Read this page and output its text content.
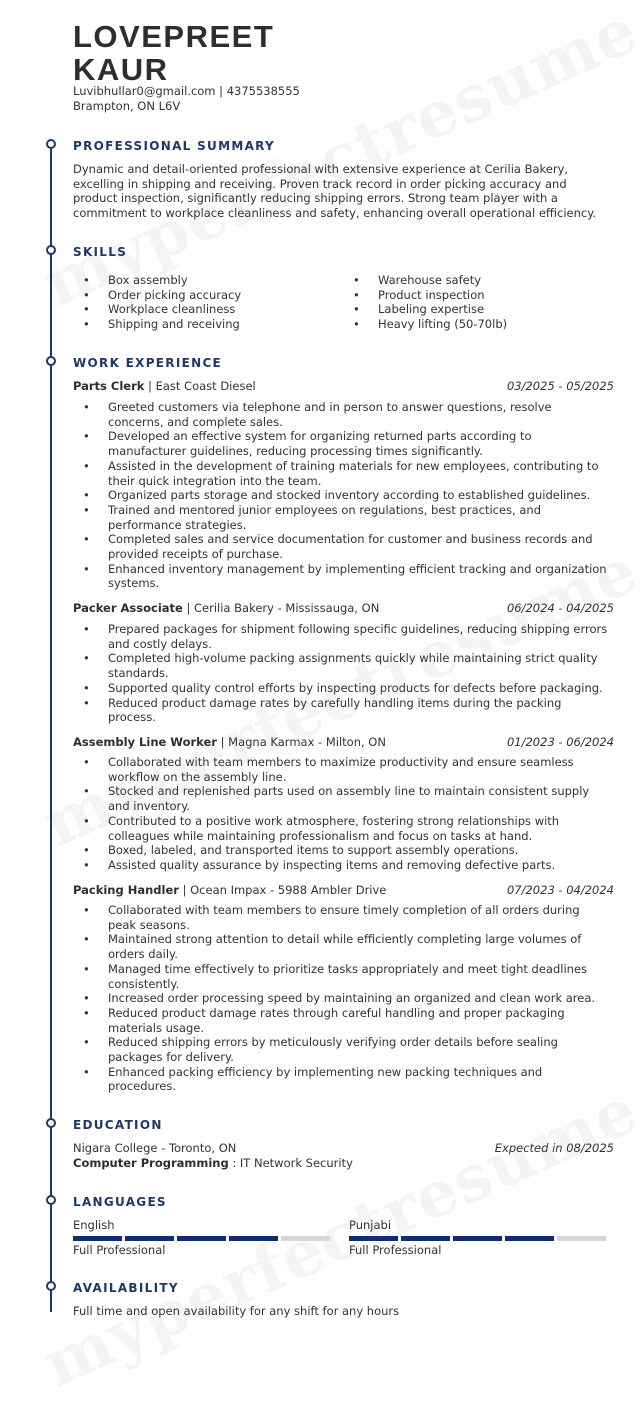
LOVEPREET
KAUR
Luvibhullar0@gmail.com | 4375538555
Brampton, ON L6V
PROFESSIONAL SUMMARY
Dynamic and detail-oriented professional with extensive experience at Cerilia Bakery,
excelling in shipping and receiving. Proven track record in order picking accuracy and
product inspection, significantly reducing shipping errors. Strong team player with a
commitment to workplace cleanliness and safety, enhancing overall operational efficiency.
SKILLS
• Box assembly
• Order picking accuracy
• Workplace cleanliness
• Shipping and receiving
• Warehouse safety
• Product inspection
• Labeling expertise
• Heavy lifting (50-70lb)
WORK EXPERIENCE
Parts Clerk | East Coast Diesel	03/2025 - 05/2025
• Greeted customers via telephone and in person to answer questions, resolve
concerns, and complete sales.
• Developed an effective system for organizing returned parts according to
manufacturer guidelines, reducing processing times significantly.
• Assisted in the development of training materials for new employees, contributing to
their quick integration into the team.
• Organized parts storage and stocked inventory according to established guidelines.
• Trained and mentored junior employees on regulations, best practices, and
performance strategies.
• Completed sales and service documentation for customer and business records and
provided receipts of purchase.
• Enhanced inventory management by implementing efficient tracking and organization
systems.
Packer Associate | Cerilia Bakery - Mississauga, ON	06/2024 - 04/2025
• Prepared packages for shipment following specific guidelines, reducing shipping errors
and costly delays.
• Completed high-volume packing assignments quickly while maintaining strict quality
standards.
• Supported quality control efforts by inspecting products for defects before packaging.
• Reduced product damage rates by carefully handling items during the packing
process.
Assembly Line Worker | Magna Karmax - Milton, ON	01/2023 - 06/2024
• Collaborated with team members to maximize productivity and ensure seamless
workflow on the assembly line.
• Stocked and replenished parts used on assembly line to maintain consistent supply
and inventory.
• Contributed to a positive work atmosphere, fostering strong relationships with
colleagues while maintaining professionalism and focus on tasks at hand.
• Boxed, labeled, and transported items to support assembly operations.
• Assisted quality assurance by inspecting items and removing defective parts.
Packing Handler | Ocean Impax - 5988 Ambler Drive	07/2023 - 04/2024
• Collaborated with team members to ensure timely completion of all orders during
peak seasons.
• Maintained strong attention to detail while efficiently completing large volumes of
orders daily.
• Managed time effectively to prioritize tasks appropriately and meet tight deadlines
consistently.
• Increased order processing speed by maintaining an organized and clean work area.
• Reduced product damage rates through careful handling and proper packaging
materials usage.
• Reduced shipping errors by meticulously verifying order details before sealing
packages for delivery.
• Enhanced packing efficiency by implementing new packing techniques and
procedures.
EDUCATION
Nigara College - Toronto, ON	Expected in 08/2025
Computer Programming : IT Network Security
LANGUAGES
English
Full Professional
Punjabi
Full Professional
AVAILABILITY
Full time and open availability for any shift for any hours
